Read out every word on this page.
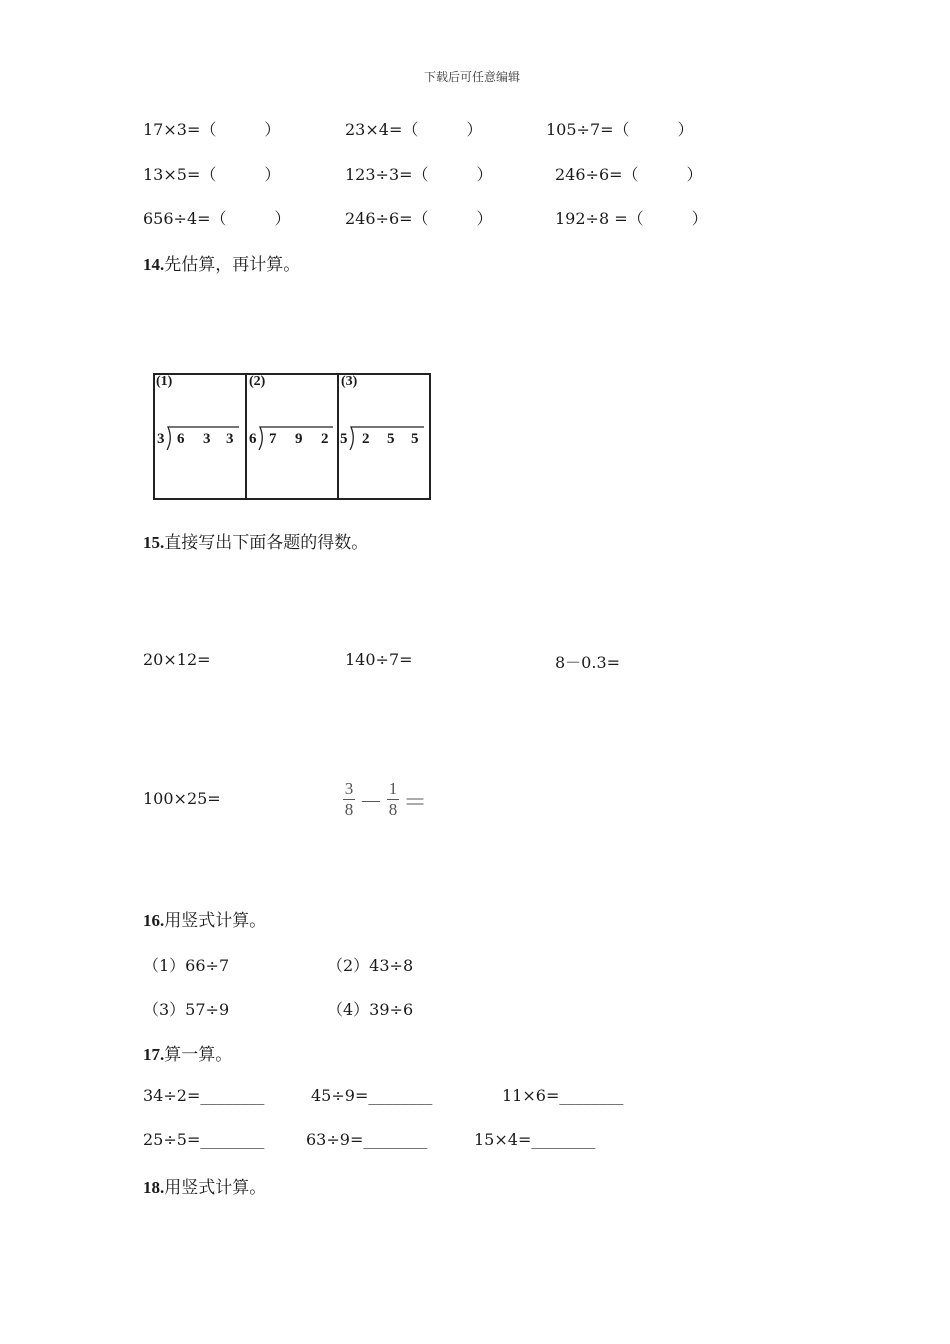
下载后可任意编辑
17×3=（　　　）	23×4=（　　　）	105÷7=（　　　）
13×5=（　　　）	123÷3=（　　　）	246÷6=（　　　）
656÷4=（　　　）	246÷6=（　　　）	192÷8 =（　　　）
14.先估算，再计算。
(1)
3 6 3 3
(2)
6 7 9 2
(3)
5 2 5 5
15.直接写出下面各题的得数。
20×12=	140÷7=	8－0.3=
100×25=
3
8 －
1
8 ＝
16.用竖式计算。
（1）66÷7	（2）43÷8
（3）57÷9	（4）39÷6
17.算一算。
34÷2=________	45÷9=________	11×6=________
25÷5=________	63÷9=________	15×4=________
18.用竖式计算。
